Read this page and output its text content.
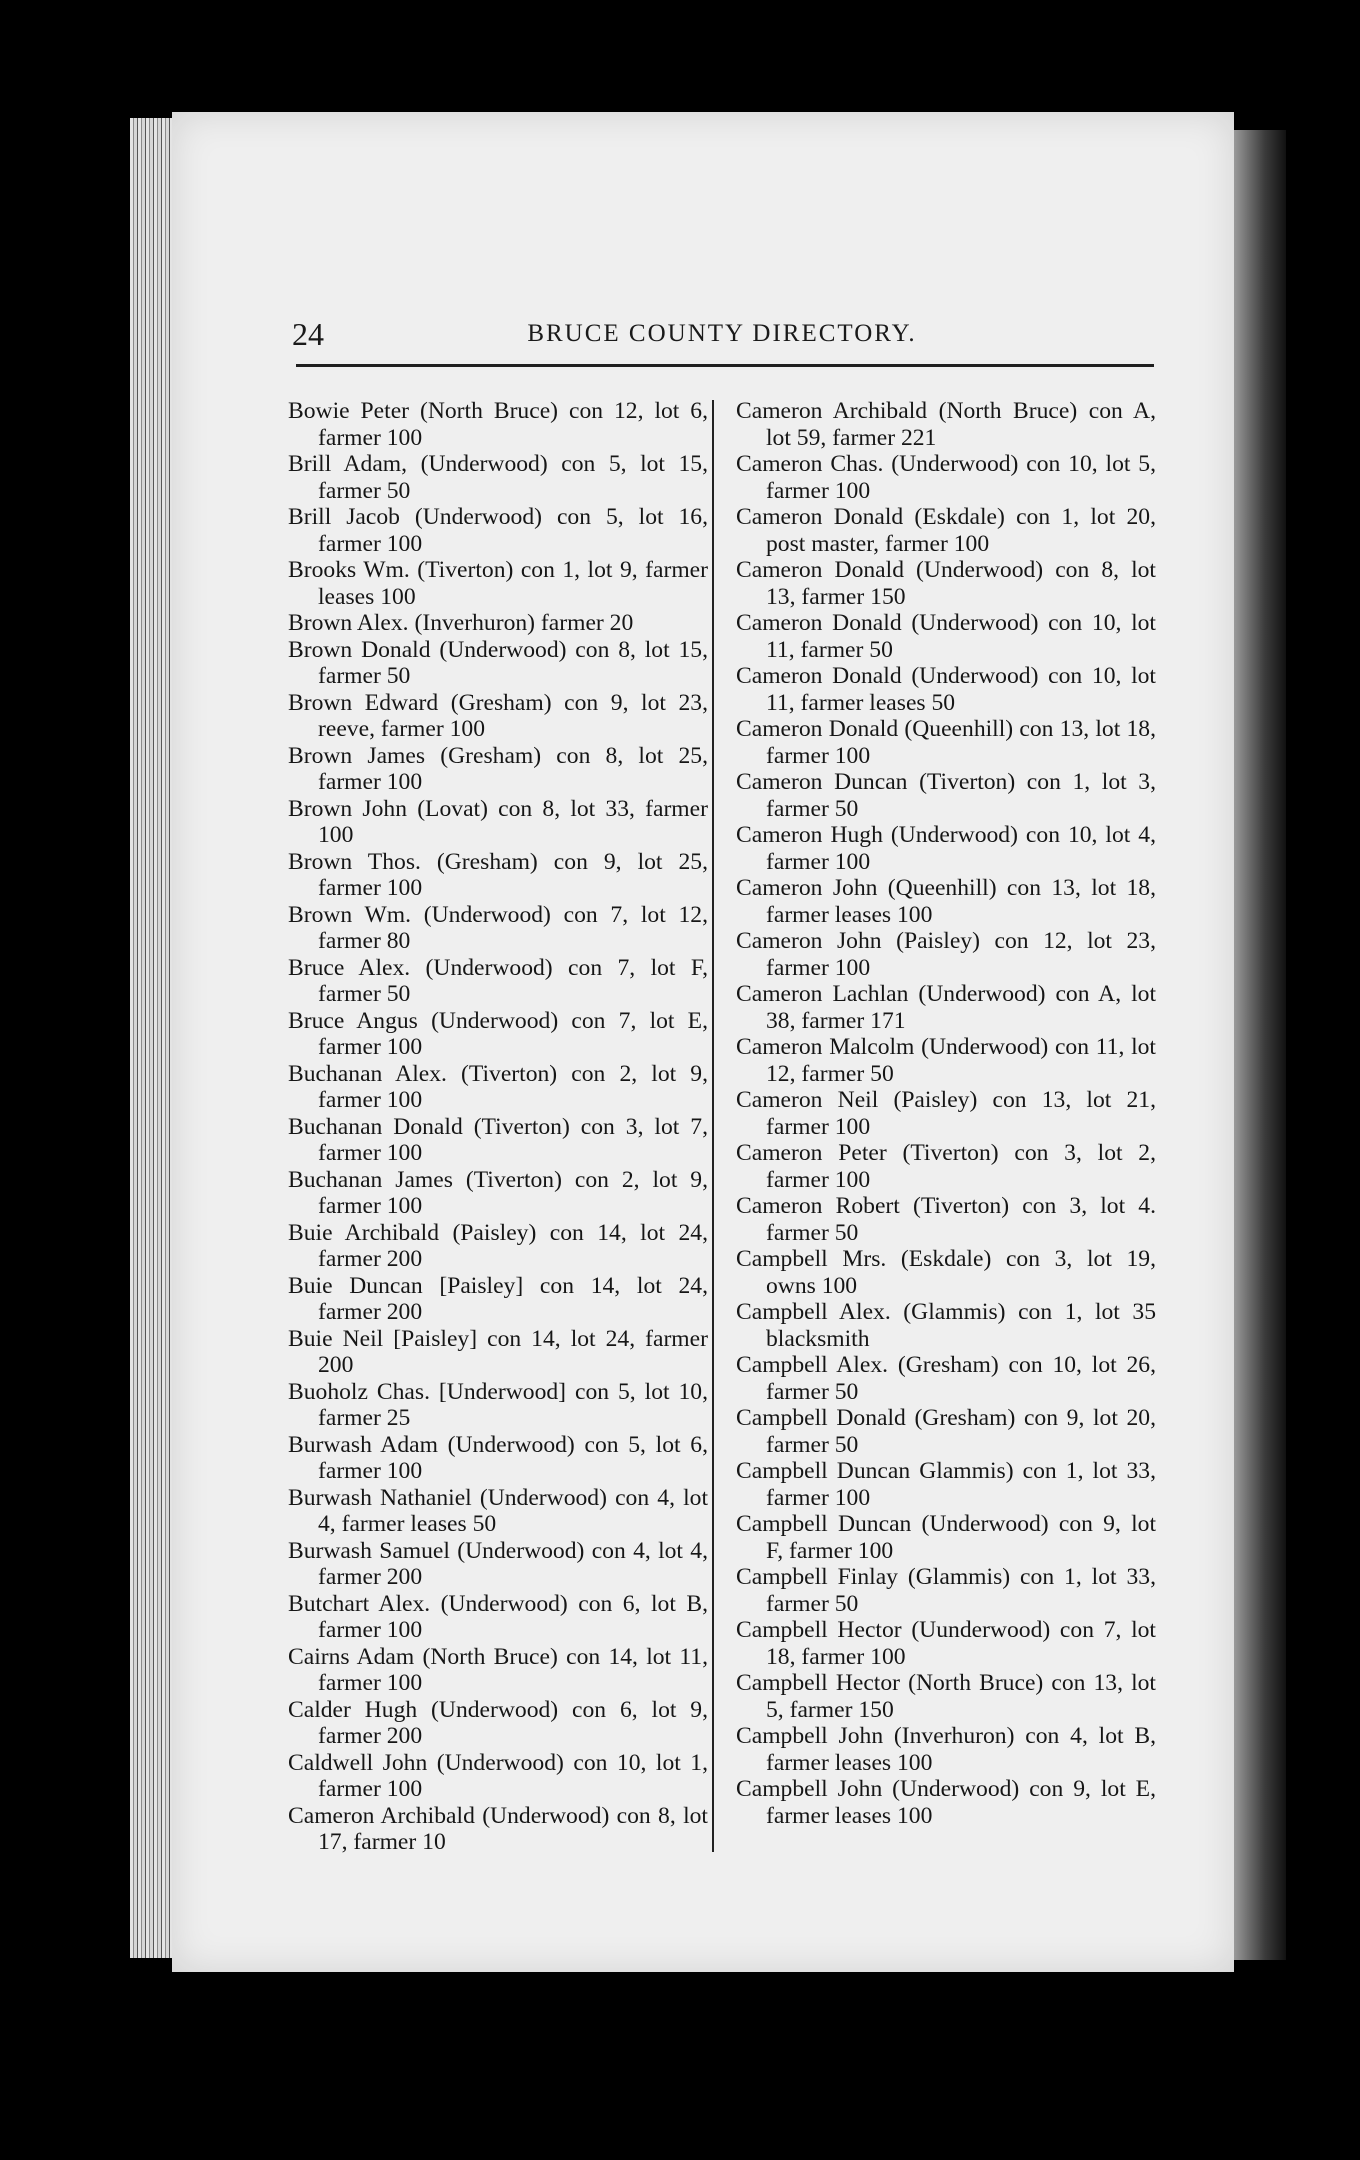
24	BRUCE COUNTY DIRECTORY.
Bowie Peter (North Bruce) con 12, lot 6, farmer 100
Brill Adam, (Underwood) con 5, lot 15, farmer 50
Brill Jacob (Underwood) con 5, lot 16, farmer 100
Brooks Wm. (Tiverton) con 1, lot 9, farmer leases 100
Brown Alex. (Inverhuron) farmer 20
Brown Donald (Underwood) con 8, lot 15, farmer 50
Brown Edward (Gresham) con 9, lot 23, reeve, farmer 100
Brown James (Gresham) con 8, lot 25, farmer 100
Brown John (Lovat) con 8, lot 33, farmer 100
Brown Thos. (Gresham) con 9, lot 25, farmer 100
Brown Wm. (Underwood) con 7, lot 12, farmer 80
Bruce Alex. (Underwood) con 7, lot F, farmer 50
Bruce Angus (Underwood) con 7, lot E, farmer 100
Buchanan Alex. (Tiverton) con 2, lot 9, farmer 100
Buchanan Donald (Tiverton) con 3, lot 7, farmer 100
Buchanan James (Tiverton) con 2, lot 9, farmer 100
Buie Archibald (Paisley) con 14, lot 24, farmer 200
Buie Duncan [Paisley] con 14, lot 24, farmer 200
Buie Neil [Paisley] con 14, lot 24, farmer 200
Buoholz Chas. [Underwood] con 5, lot 10, farmer 25
Burwash Adam (Underwood) con 5, lot 6, farmer 100
Burwash Nathaniel (Underwood) con 4, lot 4, farmer leases 50
Burwash Samuel (Underwood) con 4, lot 4, farmer 200
Butchart Alex. (Underwood) con 6, lot B, farmer 100
Cairns Adam (North Bruce) con 14, lot 11, farmer 100
Calder Hugh (Underwood) con 6, lot 9, farmer 200
Caldwell John (Underwood) con 10, lot 1, farmer 100
Cameron Archibald (Underwood) con 8, lot 17, farmer 10
Cameron Archibald (North Bruce) con A, lot 59, farmer 221
Cameron Chas. (Underwood) con 10, lot 5, farmer 100
Cameron Donald (Eskdale) con 1, lot 20, post master, farmer 100
Cameron Donald (Underwood) con 8, lot 13, farmer 150
Cameron Donald (Underwood) con 10, lot 11, farmer 50
Cameron Donald (Underwood) con 10, lot 11, farmer leases 50
Cameron Donald (Queenhill) con 13, lot 18, farmer 100
Cameron Duncan (Tiverton) con 1, lot 3, farmer 50
Cameron Hugh (Underwood) con 10, lot 4, farmer 100
Cameron John (Queenhill) con 13, lot 18, farmer leases 100
Cameron John (Paisley) con 12, lot 23, farmer 100
Cameron Lachlan (Underwood) con A, lot 38, farmer 171
Cameron Malcolm (Underwood) con 11, lot 12, farmer 50
Cameron Neil (Paisley) con 13, lot 21, farmer 100
Cameron Peter (Tiverton) con 3, lot 2, farmer 100
Cameron Robert (Tiverton) con 3, lot 4. farmer 50
Campbell Mrs. (Eskdale) con 3, lot 19, owns 100
Campbell Alex. (Glammis) con 1, lot 35 blacksmith
Campbell Alex. (Gresham) con 10, lot 26, farmer 50
Campbell Donald (Gresham) con 9, lot 20, farmer 50
Campbell Duncan Glammis) con 1, lot 33, farmer 100
Campbell Duncan (Underwood) con 9, lot F, farmer 100
Campbell Finlay (Glammis) con 1, lot 33, farmer 50
Campbell Hector (Uunderwood) con 7, lot 18, farmer 100
Campbell Hector (North Bruce) con 13, lot 5, farmer 150
Campbell John (Inverhuron) con 4, lot B, farmer leases 100
Campbell John (Underwood) con 9, lot E, farmer leases 100
